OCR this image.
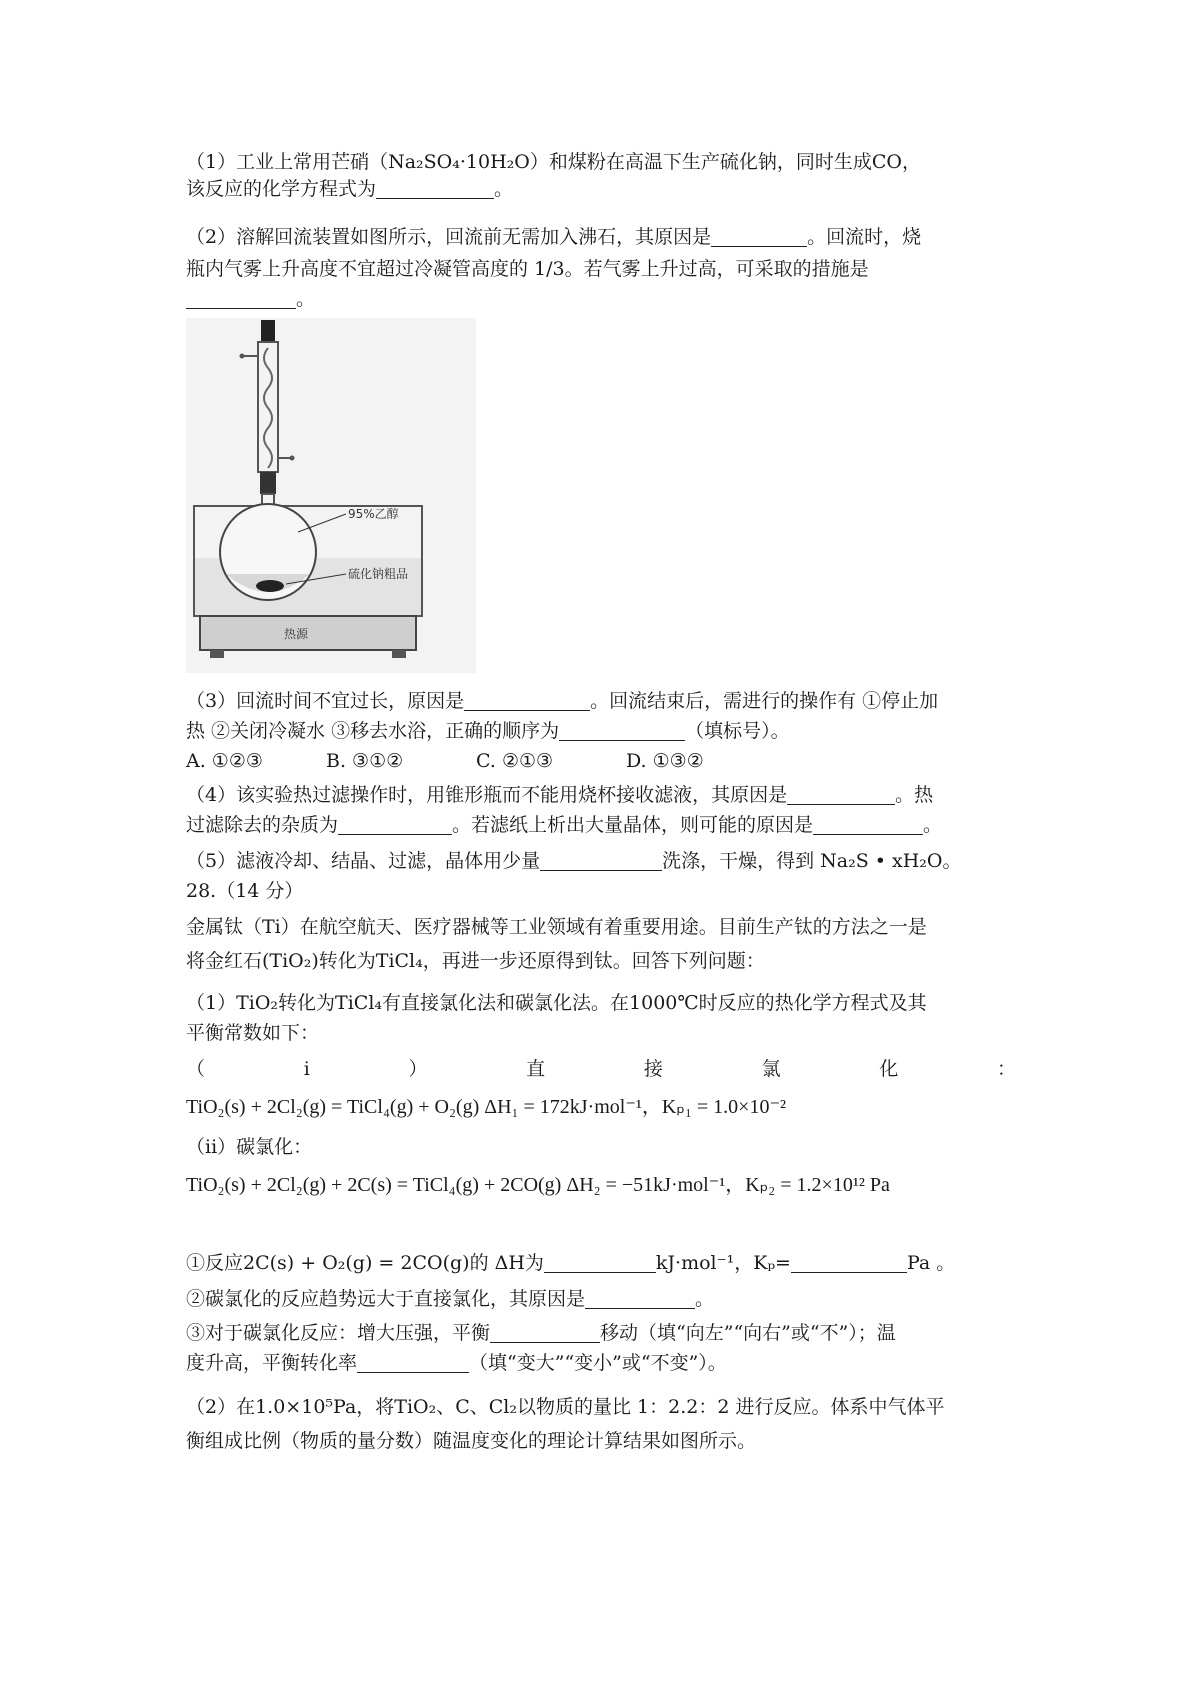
（1）工业上常用芒硝（Na₂SO₄·10H₂O）和煤粉在高温下生产硫化钠，同时生成CO，
该反应的化学方程式为	。
（2）溶解回流装置如图所示，回流前无需加入沸石，其原因是	。回流时，烧
瓶内气雾上升高度不宜超过冷凝管高度的 1/3。若气雾上升过高，可采取的措施是
。
95%乙醇
硫化钠粗品
热源
（3）回流时间不宜过长，原因是	。回流结束后，需进行的操作有 ①停止加
热 ②关闭冷凝水 ③移去水浴，正确的顺序为	（填标号）。
A. ①②③	B. ③①②	C. ②①③	D. ①③②
（4）该实验热过滤操作时，用锥形瓶而不能用烧杯接收滤液，其原因是	。热
过滤除去的杂质为	。若滤纸上析出大量晶体，则可能的原因是	。
（5）滤液冷却、结晶、过滤，晶体用少量	洗涤，干燥，得到 Na₂S • xH₂O。
28.（14 分）
金属钛（Ti）在航空航天、医疗器械等工业领域有着重要用途。目前生产钛的方法之一是
将金红石(TiO₂)转化为TiCl₄，再进一步还原得到钛。回答下列问题：
（1）TiO₂转化为TiCl₄有直接氯化法和碳氯化法。在1000℃时反应的热化学方程式及其
平衡常数如下：
（	i	）	直	接	氯	化	：
TiO₂(s) + 2Cl₂(g) = TiCl₄(g) + O₂(g) ΔH₁ = 172kJ·mol⁻¹，Kₚ₁ = 1.0×10⁻²
（ii）碳氯化：
TiO₂(s) + 2Cl₂(g) + 2C(s) = TiCl₄(g) + 2CO(g) ΔH₂ = −51kJ·mol⁻¹，Kₚ₂ = 1.2×10¹² Pa
①反应2C(s) + O₂(g) = 2CO(g)的 ΔH为	kJ·mol⁻¹，Kₚ=	Pa 。
②碳氯化的反应趋势远大于直接氯化，其原因是	。
③对于碳氯化反应：增大压强，平衡	移动（填“向左”“向右”或“不”）；温
度升高，平衡转化率	（填“变大”“变小”或“不变”）。
（2）在1.0×10⁵Pa，将TiO₂、C、Cl₂以物质的量比 1：2.2：2 进行反应。体系中气体平
衡组成比例（物质的量分数）随温度变化的理论计算结果如图所示。
